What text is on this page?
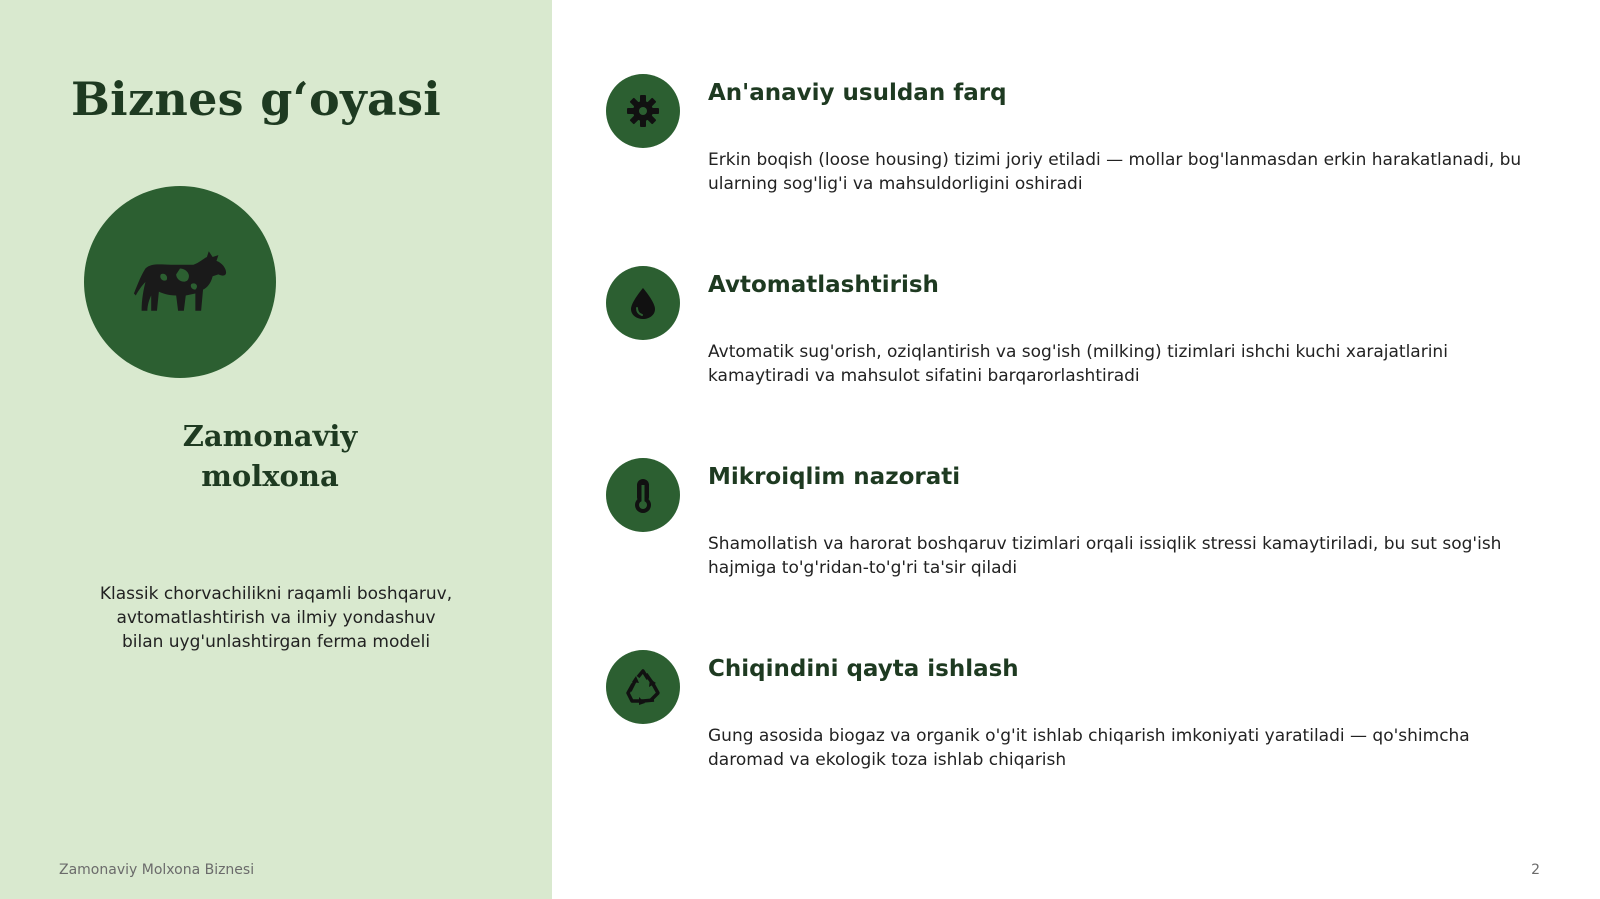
Biznes g‘oyasi
Zamonaviy molxona

Klassik chorvachilikni raqamli boshqaruv, avtomatlashtirish va ilmiy yondashuv bilan uyg'unlashtirgan ferma modeli

Zamonaviy Molxona Biznesi
An'anaviy usuldan farq

Erkin boqish (loose housing) tizimi joriy etiladi — mollar bog'lanmasdan erkin harakatlanadi, bu ularning sog'lig'i va mahsuldorligini oshiradi

Avtomatlashtirish

Avtomatik sug'orish, oziqlantirish va sog'ish (milking) tizimlari ishchi kuchi xarajatlarini kamaytiradi va mahsulot sifatini barqarorlashtiradi

Mikroiqlim nazorati

Shamollatish va harorat boshqaruv tizimlari orqali issiqlik stressi kamaytiriladi, bu sut sog'ish hajmiga to'g'ridan-to'g'ri ta'sir qiladi

Chiqindini qayta ishlash

Gung asosida biogaz va organik o'g'it ishlab chiqarish imkoniyati yaratiladi — qo'shimcha daromad va ekologik toza ishlab chiqarish

2
